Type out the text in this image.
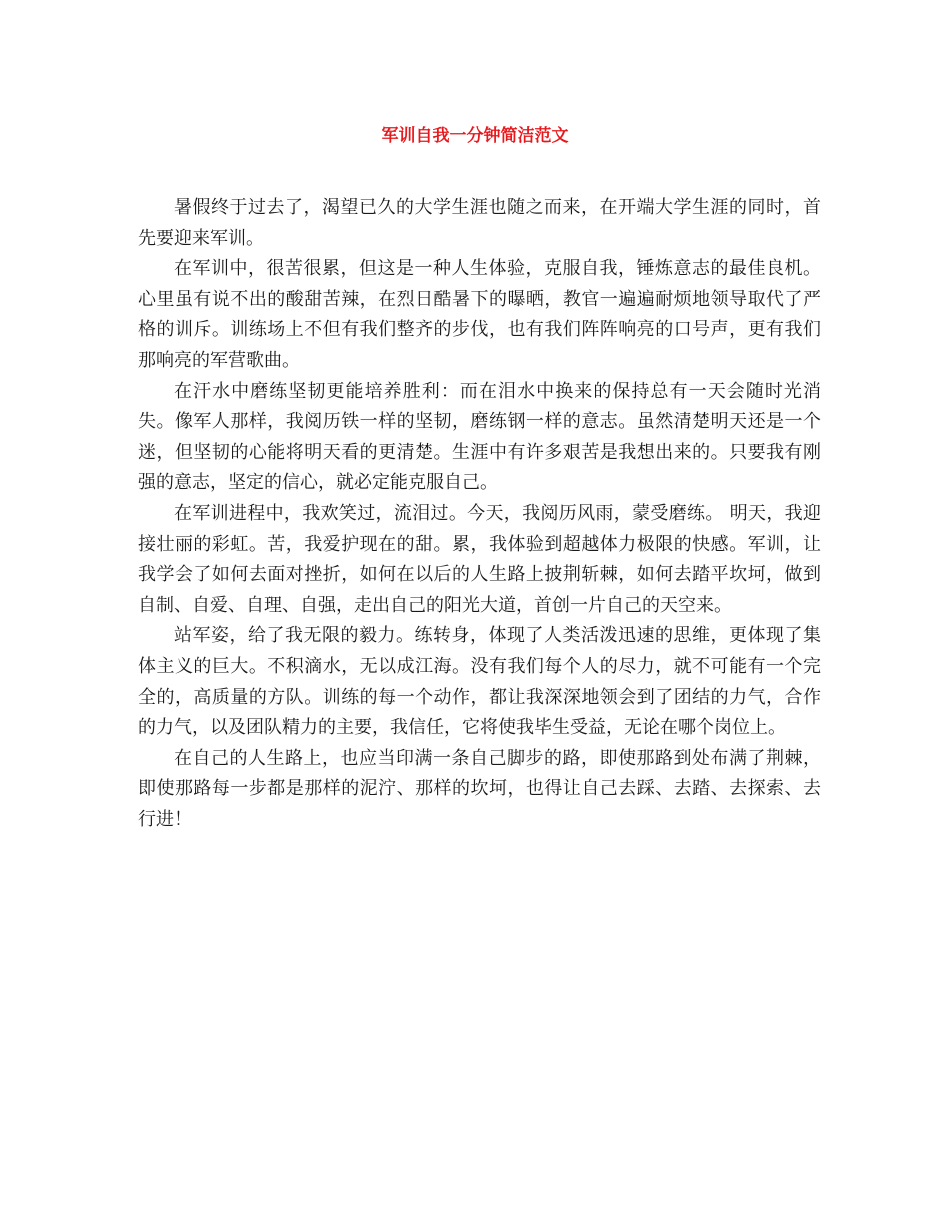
军训自我一分钟简洁范文

暑假终于过去了，渴望已久的大学生涯也随之而来，在开端大学生涯的同时，首先要迎来军训。

在军训中，很苦很累，但这是一种人生体验，克服自我，锤炼意志的最佳良机。心里虽有说不出的酸甜苦辣，在烈日酷暑下的曝晒，教官一遍遍耐烦地领导取代了严格的训斥。训练场上不但有我们整齐的步伐，也有我们阵阵响亮的口号声，更有我们那响亮的军营歌曲。

在汗水中磨练坚韧更能培养胜利：而在泪水中换来的保持总有一天会随时光消失。像军人那样，我阅历铁一样的坚韧，磨练钢一样的意志。虽然清楚明天还是一个迷，但坚韧的心能将明天看的更清楚。生涯中有许多艰苦是我想出来的。只要我有刚强的意志，坚定的信心，就必定能克服自己。

在军训进程中，我欢笑过，流泪过。今天，我阅历风雨，蒙受磨练。 明天，我迎接壮丽的彩虹。苦，我爱护现在的甜。累，我体验到超越体力极限的快感。军训，让我学会了如何去面对挫折，如何在以后的人生路上披荆斩棘，如何去踏平坎坷，做到自制、自爱、自理、自强，走出自己的阳光大道，首创一片自己的天空来。

站军姿，给了我无限的毅力。练转身，体现了人类活泼迅速的思维，更体现了集体主义的巨大。不积滴水，无以成江海。没有我们每个人的尽力，就不可能有一个完全的，高质量的方队。训练的每一个动作，都让我深深地领会到了团结的力气，合作的力气，以及团队精力的主要，我信任，它将使我毕生受益，无论在哪个岗位上。

在自己的人生路上，也应当印满一条自己脚步的路，即使那路到处布满了荆棘，即使那路每一步都是那样的泥泞、那样的坎坷，也得让自己去踩、去踏、去探索、去行进！
